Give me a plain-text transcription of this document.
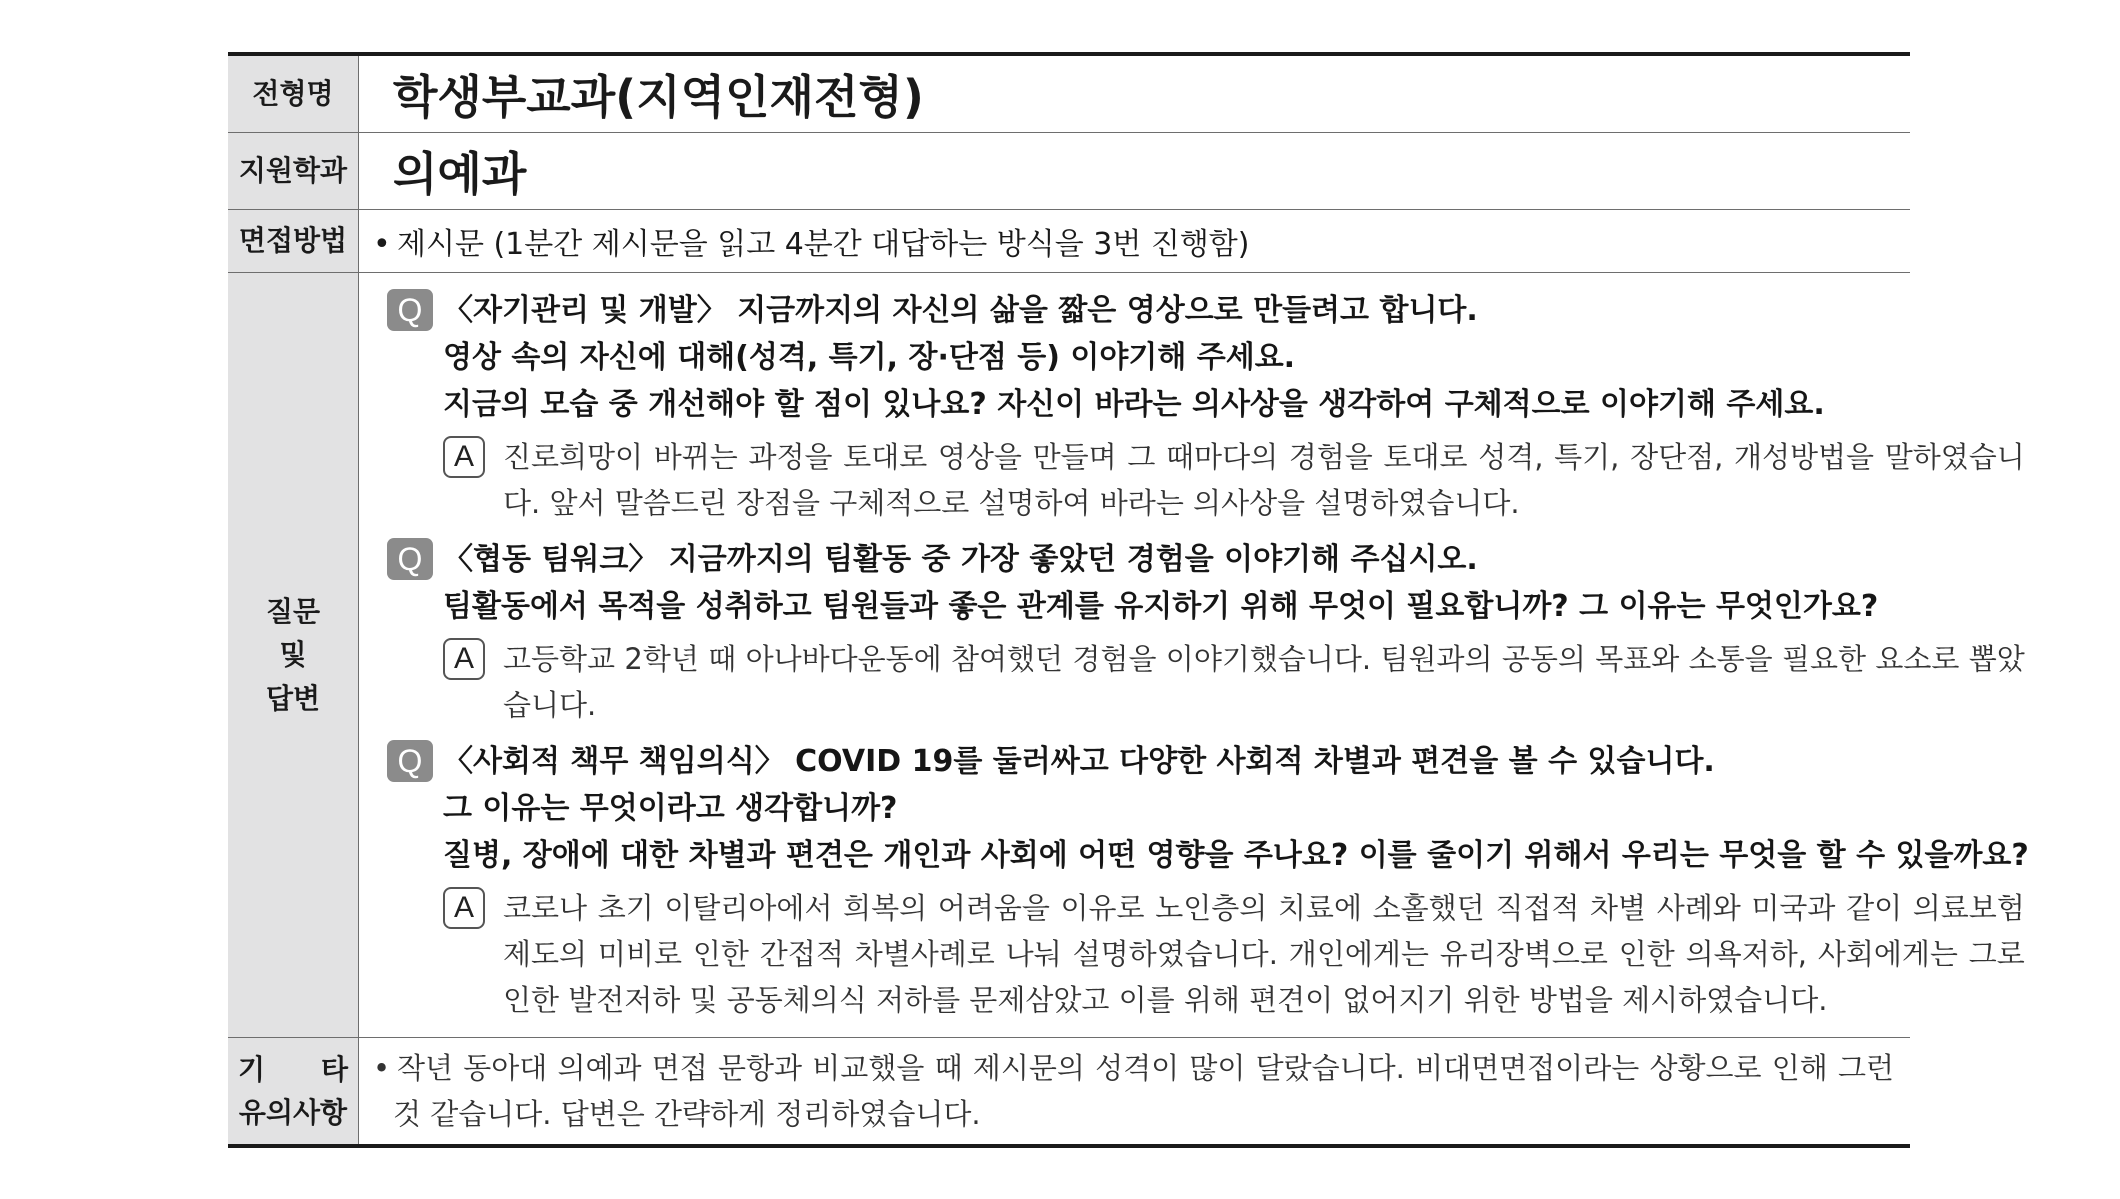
전형명	학생부교과(지역인재전형)
지원학과 의예과
면접방법 • 제시문 (1분간 제시문을 읽고 4분간 대답하는 방식을 3번 진행함)
질문
및
답변
Q 〈자기관리 및 개발〉 지금까지의 자신의 삶을 짧은 영상으로 만들려고 합니다.
영상 속의 자신에 대해(성격, 특기, 장·단점 등) 이야기해 주세요.
지금의 모습 중 개선해야 할 점이 있나요? 자신이 바라는 의사상을 생각하여 구체적으로 이야기해 주세요.
A	진로희망이 바뀌는 과정을 토대로 영상을 만들며 그 때마다의 경험을 토대로 성격, 특기, 장단점, 개성방법을 말하였습니다. 앞서 말씀드린 장점을 구체적으로 설명하여 바라는 의사상을 설명하였습니다.
Q 〈협동 팀워크〉 지금까지의 팀활동 중 가장 좋았던 경험을 이야기해 주십시오.
팀활동에서 목적을 성취하고 팀원들과 좋은 관계를 유지하기 위해 무엇이 필요합니까? 그 이유는 무엇인가요?
A	고등학교 2학년 때 아나바다운동에 참여했던 경험을 이야기했습니다. 팀원과의 공동의 목표와 소통을 필요한 요소로 뽑았습니다.
Q 〈사회적 책무 책임의식〉 COVID 19를 둘러싸고 다양한 사회적 차별과 편견을 볼 수 있습니다.
그 이유는 무엇이라고 생각합니까?
질병, 장애에 대한 차별과 편견은 개인과 사회에 어떤 영향을 주나요? 이를 줄이기 위해서 우리는 무엇을 할 수 있을까요?
A	코로나 초기 이탈리아에서 희복의 어려움을 이유로 노인층의 치료에 소홀했던 직접적 차별 사례와 미국과 같이 의료보험제도의 미비로 인한 간접적 차별사례로 나눠 설명하였습니다. 개인에게는 유리장벽으로 인한 의욕저하, 사회에게는 그로 인한 발전저하 및 공동체의식 저하를 문제삼았고 이를 위해 편견이 없어지기 위한 방법을 제시하였습니다.
기　　타
유의사항
• 작년 동아대 의예과 면접 문항과 비교했을 때 제시문의 성격이 많이 달랐습니다. 비대면면접이라는 상황으로 인해 그런 것 같습니다. 답변은 간략하게 정리하였습니다.
